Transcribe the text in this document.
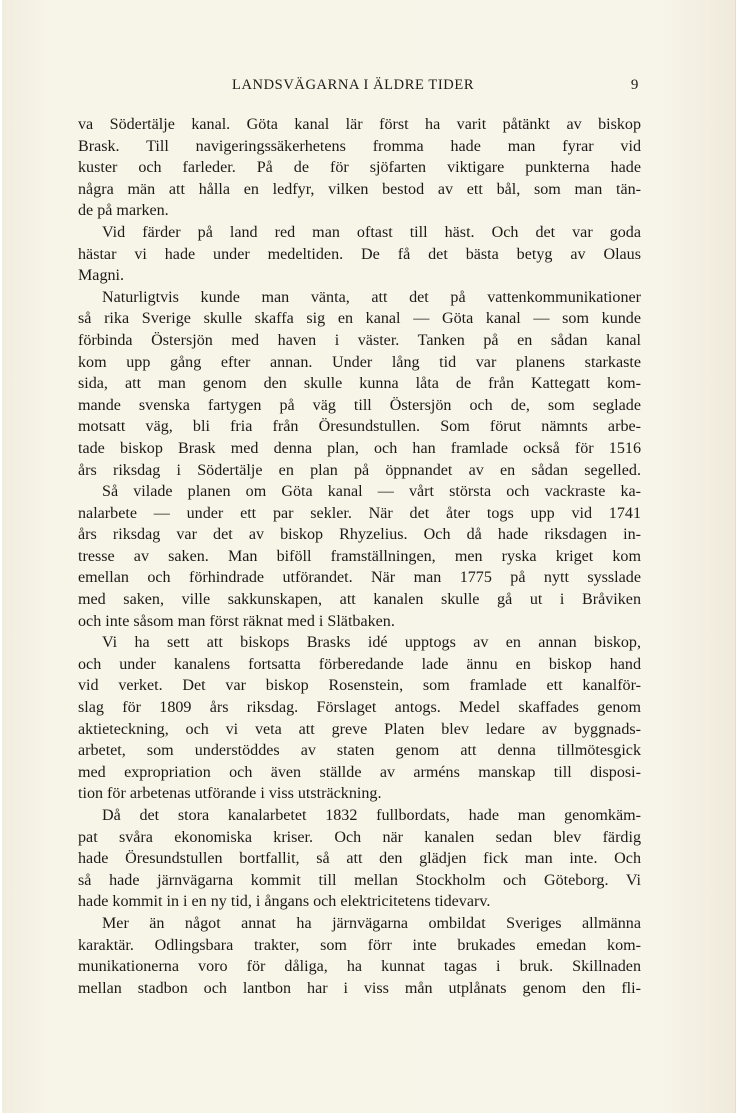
LANDSVÄGARNA I ÄLDRE TIDER	9
va Södertälje kanal. Göta kanal lär först ha varit påtänkt av biskop
Brask. Till navigeringssäkerhetens fromma hade man fyrar vid
kuster och farleder. På de för sjöfarten viktigare punkterna hade
några män att hålla en ledfyr, vilken bestod av ett bål, som man tän-
de på marken.
Vid färder på land red man oftast till häst. Och det var goda
hästar vi hade under medeltiden. De få det bästa betyg av Olaus
Magni.
Naturligtvis kunde man vänta, att det på vattenkommunikationer
så rika Sverige skulle skaffa sig en kanal — Göta kanal — som kunde
förbinda Östersjön med haven i väster. Tanken på en sådan kanal
kom upp gång efter annan. Under lång tid var planens starkaste
sida, att man genom den skulle kunna låta de från Kattegatt kom-
mande svenska fartygen på väg till Östersjön och de, som seglade
motsatt väg, bli fria från Öresundstullen. Som förut nämnts arbe-
tade biskop Brask med denna plan, och han framlade också för 1516
års riksdag i Södertälje en plan på öppnandet av en sådan segelled.
Så vilade planen om Göta kanal — vårt största och vackraste ka-
nalarbete — under ett par sekler. När det åter togs upp vid 1741
års riksdag var det av biskop Rhyzelius. Och då hade riksdagen in-
tresse av saken. Man biföll framställningen, men ryska kriget kom
emellan och förhindrade utförandet. När man 1775 på nytt sysslade
med saken, ville sakkunskapen, att kanalen skulle gå ut i Bråviken
och inte såsom man först räknat med i Slätbaken.
Vi ha sett att biskops Brasks idé upptogs av en annan biskop,
och under kanalens fortsatta förberedande lade ännu en biskop hand
vid verket. Det var biskop Rosenstein, som framlade ett kanalför-
slag för 1809 års riksdag. Förslaget antogs. Medel skaffades genom
aktieteckning, och vi veta att greve Platen blev ledare av byggnads-
arbetet, som understöddes av staten genom att denna tillmötesgick
med expropriation och även ställde av arméns manskap till disposi-
tion för arbetenas utförande i viss utsträckning.
Då det stora kanalarbetet 1832 fullbordats, hade man genomkäm-
pat svåra ekonomiska kriser. Och när kanalen sedan blev färdig
hade Öresundstullen bortfallit, så att den glädjen fick man inte. Och
så hade järnvägarna kommit till mellan Stockholm och Göteborg. Vi
hade kommit in i en ny tid, i ångans och elektricitetens tidevarv.
Mer än något annat ha järnvägarna ombildat Sveriges allmänna
karaktär. Odlingsbara trakter, som förr inte brukades emedan kom-
munikationerna voro för dåliga, ha kunnat tagas i bruk. Skillnaden
mellan stadbon och lantbon har i viss mån utplånats genom den fli-
